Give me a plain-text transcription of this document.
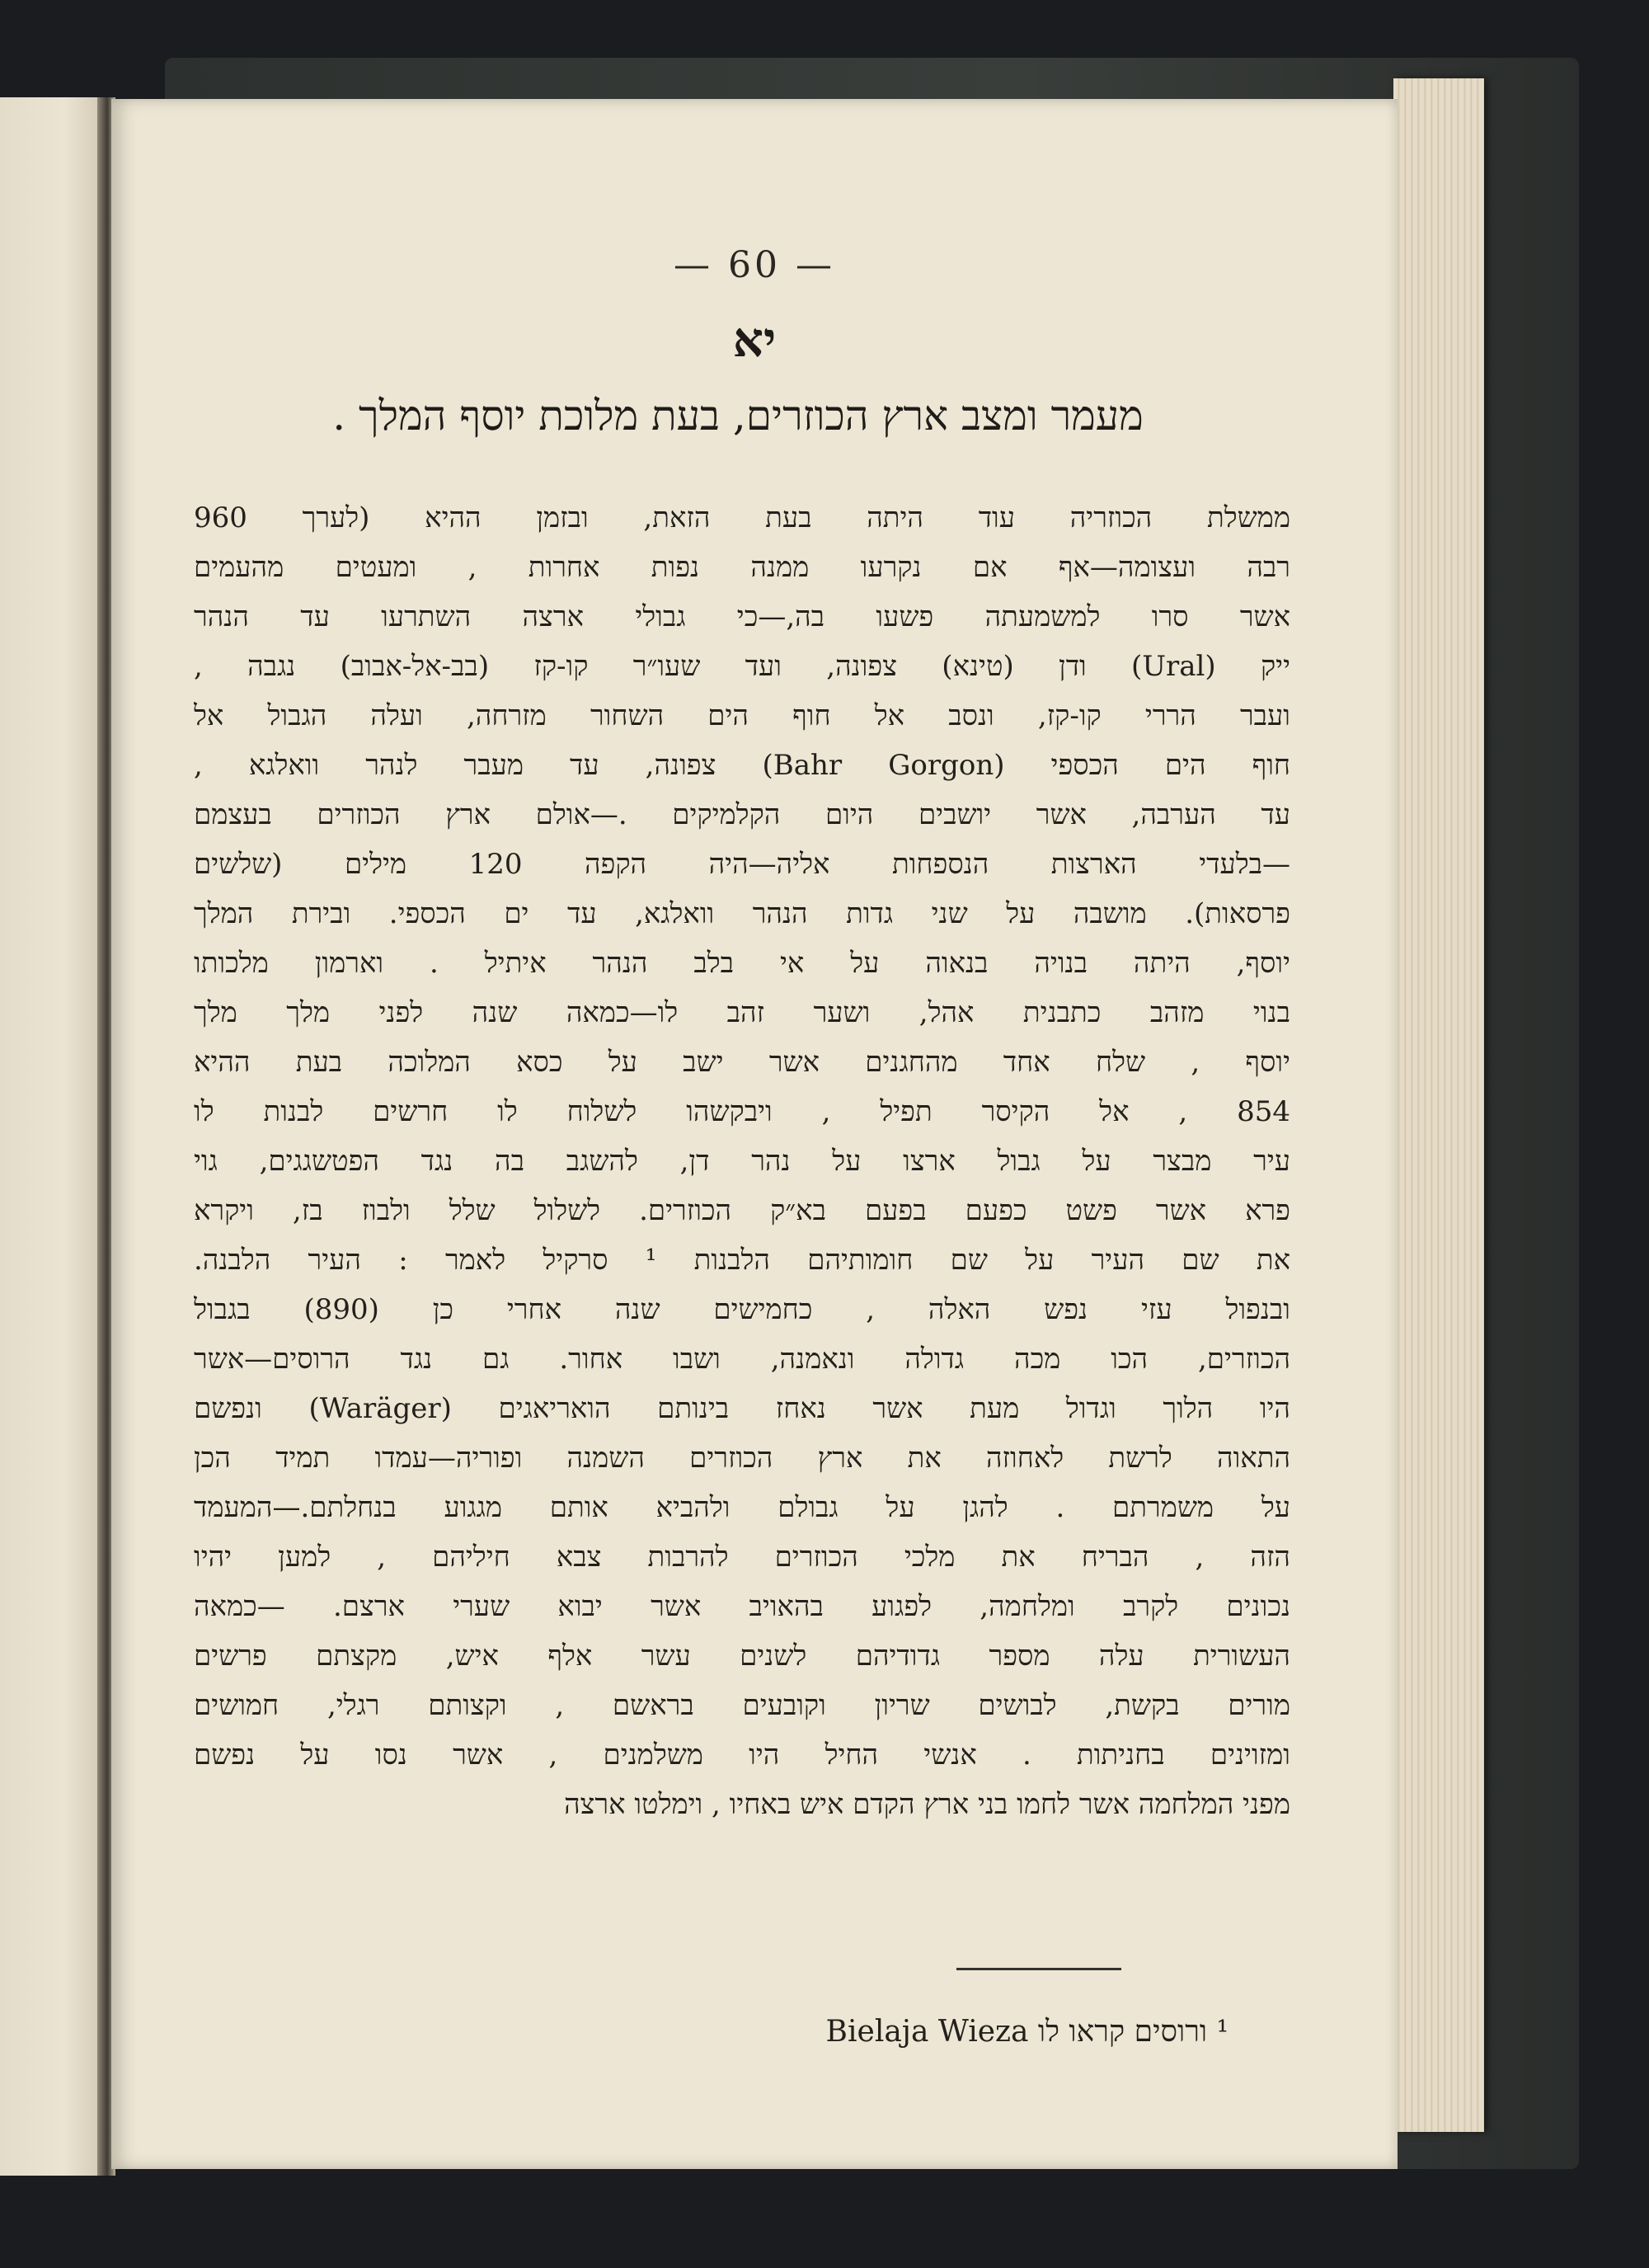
— 60 —
יא
מעמר ומצב ארץ הכוזרים, בעת מלוכת יוסף המלך .
ממשלת הכוזריה עוד היתה בעת הזאת, ובזמן ההיא (לערך 960
רבה ועצומה—אף אם נקרעו ממנה נפות אחרות , ומעטים מהעמים
אשר סרו למשמעתה פשעו בה,—כי גבולי ארצה השתרעו עד הנהר
ייק (Ural) ודן (טינא) צפונה, ועד שעו״ר קו-קז (בב-אל-אבוב) נגבה ,
ועבר הררי קו-קז, ונסב אל חוף הים השחור מזרחה, ועלה הגבול אל
חוף הים הכספי (Bahr Gorgon) צפונה, עד מעבר לנהר וואלגא ,
עד הערבה, אשר יושבים היום הקלמיקים .—אולם ארץ הכוזרים בעצמם
—בלעדי הארצות הנספחות אליה—היה הקפה 120 מילים (שלשים
פרסאות). מושבה על שני גדות הנהר וואלגא, עד ים הכספי. ובירת המלך
יוסף, היתה בנויה בנאוה על אי בלב הנהר איתיל . וארמון מלכותו
בנוי מזהב כתבנית אהל, ושער זהב לו—כמאה שנה לפני מלך מלך
יוסף , שלח אחד מהחגנים אשר ישב על כסא המלוכה בעת ההיא
854 , אל הקיסר תפיל , ויבקשהו לשלוח לו חרשים לבנות לו
עיר מבצר על גבול ארצו על נהר דן, להשגב בה נגד הפטשגגים, גוי
פרא אשר פשט כפעם בפעם בא״ק הכוזרים. לשלול שלל ולבוז בז, ויקרא
את שם העיר על שם חומותיהם הלבנות ¹ סרקיל לאמר : העיר הלבנה.
ובנפול עזי נפש האלה , כחמישים שנה אחרי כן (890) בגבול
הכוזרים, הכו מכה גדולה ונאמנה, ושבו אחור. גם נגד הרוסים—אשר
היו הלוך וגדול מעת אשר נאחז בינותם הואריאגים (Waräger) ונפשם
התאוה לרשת לאחוזה את ארץ הכוזרים השמנה ופוריה—עמדו תמיד הכן
על משמרתם . להגן על גבולם ולהביא אותם מגגוע בנחלתם.—המעמד
הזה , הבריח את מלכי הכוזרים להרבות צבא חיליהם , למען יהיו
נכונים לקרב ומלחמה, לפגוע בהאויב אשר יבוא שערי ארצם. —כמאה
העשורית עלה מספר גדודיהם לשנים עשר אלף איש, מקצתם פרשים
מורים בקשת, לבושים שריון וקובעים בראשם , וקצותם רגלי, חמושים
ומזוינים בחניתות . אנשי החיל היו משלמנים , אשר נסו על נפשם
מפני המלחמה אשר לחמו בני ארץ הקדם איש באחיו , וימלטו ארצה
¹ ורוסים קראו לו Bielaja Wieza
